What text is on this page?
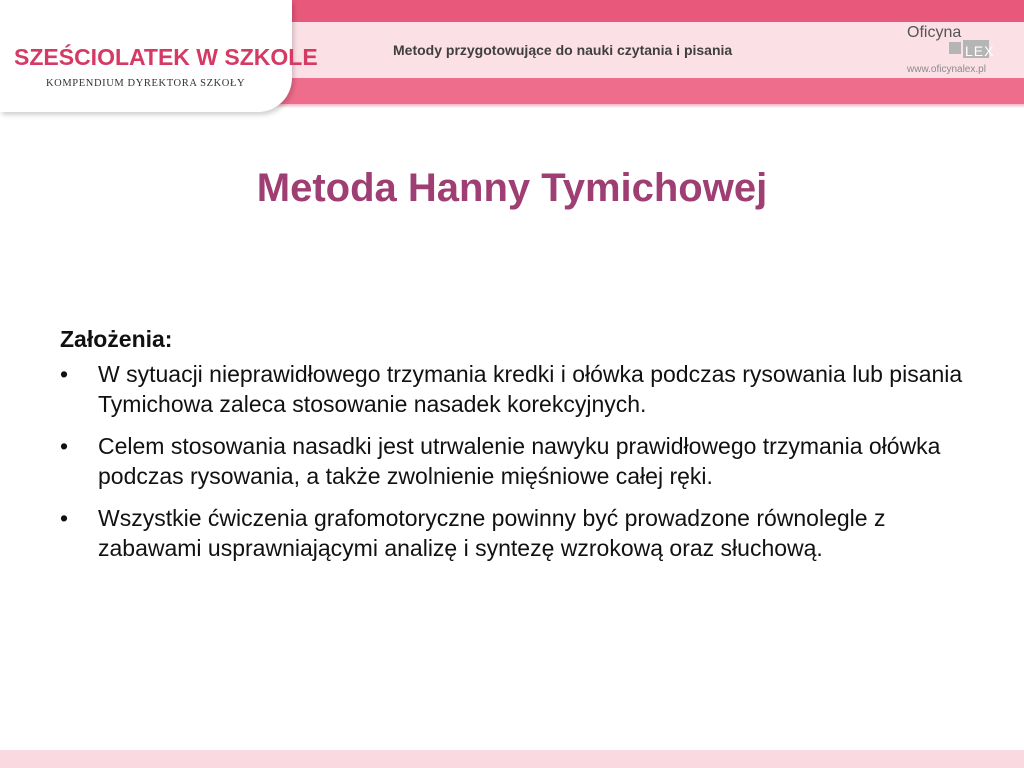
SZEŚCIOLATEK W SZKOLE
KOMPENDIUM DYREKTORA SZKOŁY
Metody przygotowujące do nauki czytania i pisania
Oficyna
LEX
www.oficynalex.pl
Metoda Hanny Tymichowej
Założenia:
• W sytuacji nieprawidłowego trzymania kredki i ołówka podczas rysowania lub pisania Tymichowa zaleca stosowanie nasadek korekcyjnych.
• Celem stosowania nasadki jest utrwalenie nawyku prawidłowego trzymania ołówka podczas rysowania, a także zwolnienie mięśniowe całej ręki.
• Wszystkie ćwiczenia grafomotoryczne powinny być prowadzone równolegle z zabawami usprawniającymi analizę i syntezę wzrokową oraz słuchową.
